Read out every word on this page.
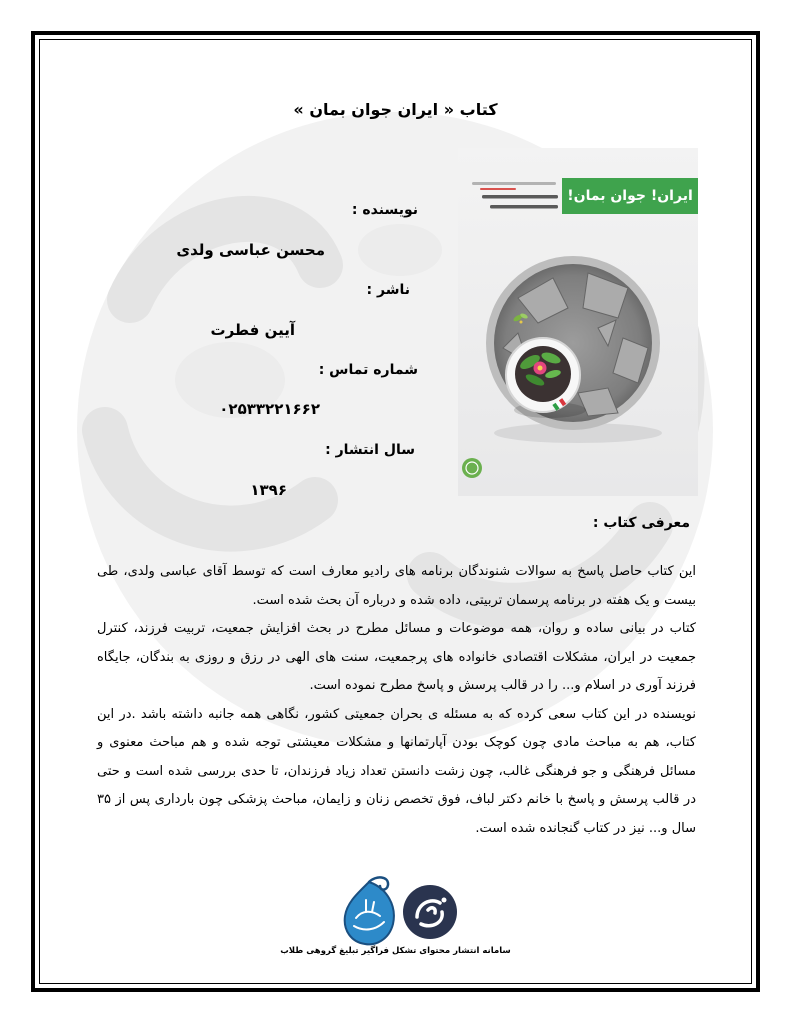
کتاب « ایران جوان بمان »
نویسنده :
محسن عباسی ولدی
ناشر :
آیین فطرت
شماره تماس :
۰۲۵۳۳۲۲۱۶۶۲
سال انتشار :
۱۳۹۶
ایران! جوان بمان!
معرفی کتاب :
این کتاب حاصل پاسخ به سوالات شنوندگان برنامه های رادیو معارف است که توسط آقای عباسی ولدی، طی
بیست و یک هفته در برنامه پرسمان تربیتی، داده شده و درباره آن بحث شده است.
کتاب در بیانی ساده و روان، همه موضوعات و مسائل مطرح در بحث افزایش جمعیت، تربیت فرزند، کنترل
جمعیت در ایران، مشکلات اقتصادی خانواده های پرجمعیت، سنت های الهی در رزق و روزی به بندگان، جایگاه
فرزند آوری در اسلام و... را در قالب پرسش و پاسخ مطرح نموده است.
نویسنده در این کتاب سعی کرده که به مسئله ی بحران جمعیتی کشور، نگاهی همه جانبه داشته باشد .در این
کتاب، هم به مباحث مادی چون کوچک بودن آپارتمانها و مشکلات معیشتی توجه شده و هم مباحث معنوی و
مسائل فرهنگی و جو فرهنگی غالب، چون زشت دانستن تعداد زیاد فرزندان، تا حدی بررسی شده است و حتی
در قالب پرسش و پاسخ با خانم دکتر لباف، فوق تخصص زنان و زایمان، مباحث پزشکی چون بارداری پس از ۳۵
سال و... نیز در کتاب گنجانده شده است.
سامانه انتشار محتوای تشکل فراگیر تبلیغ گروهی طلاب
